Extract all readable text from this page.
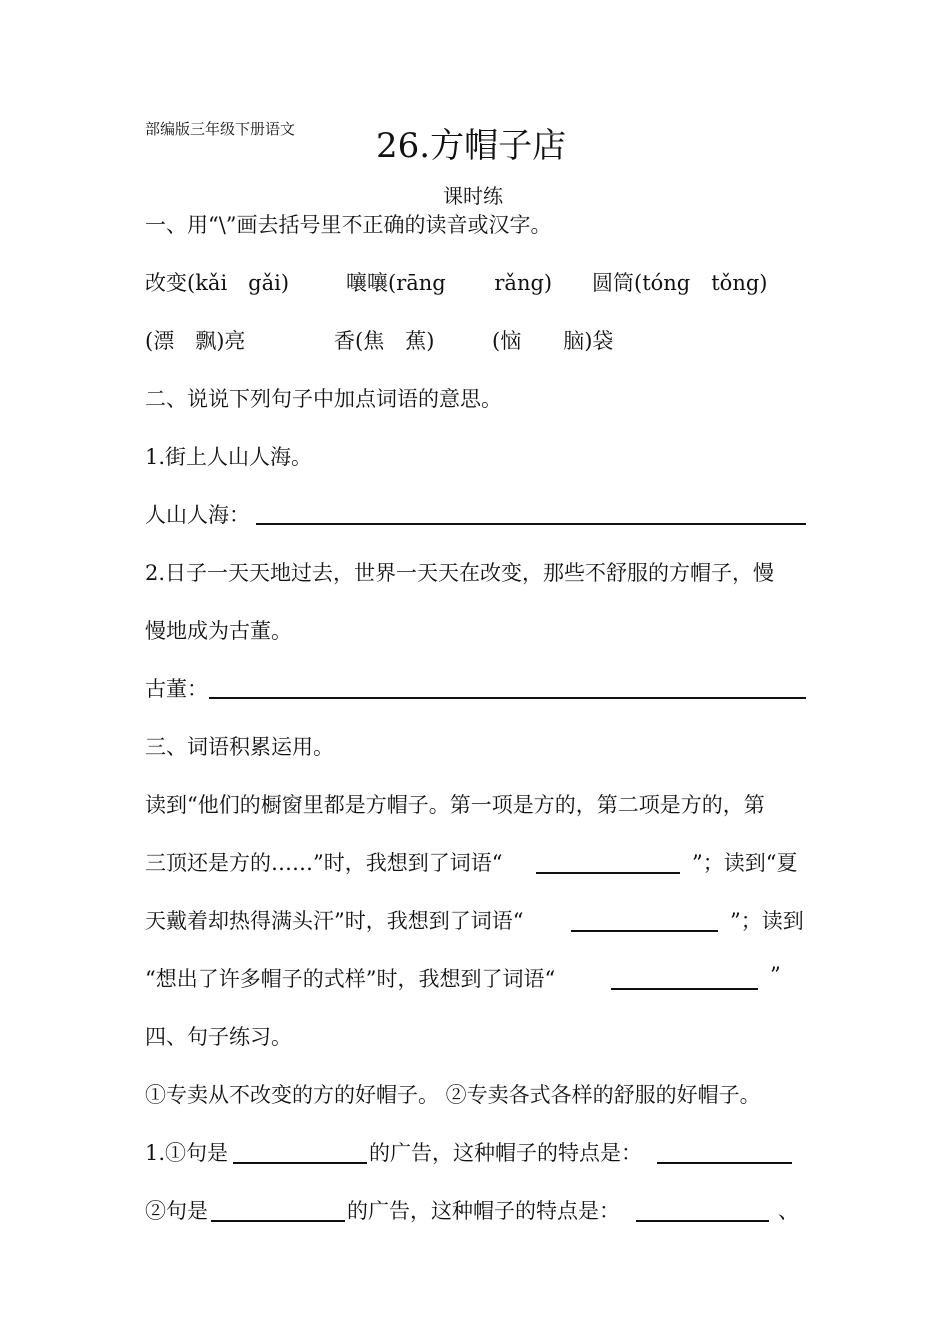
部编版三年级下册语文 26.方帽子店
课时练
一、用“\”画去括号里不正确的读音或汉字。
改变(kǎi　gǎi)	嚷嚷(rāng　　 rǎng) 圆筒(tóng　tǒng)
(漂　飘)亮	香(焦　蕉)	(恼　　脑)袋
二、说说下列句子中加点词语的意思。
1.街上人山人海。
人山人海：
2.日子一天天地过去，世界一天天在改变，那些不舒服的方帽子，慢
慢地成为古董。
古董：
三、词语积累运用。
读到“他们的橱窗里都是方帽子。第一项是方的，第二项是方的，第
三顶还是方的……”时，我想到了词语“	”；读到“夏
天戴着却热得满头汗”时，我想到了词语“	”；读到
“想出了许多帽子的式样”时，我想到了词语“	”
四、句子练习。
①专卖从不改变的方的好帽子。 ②专卖各式各样的舒服的好帽子。
1.①句是	的广告，这种帽子的特点是：
②句是	的广告，这种帽子的特点是：	、
